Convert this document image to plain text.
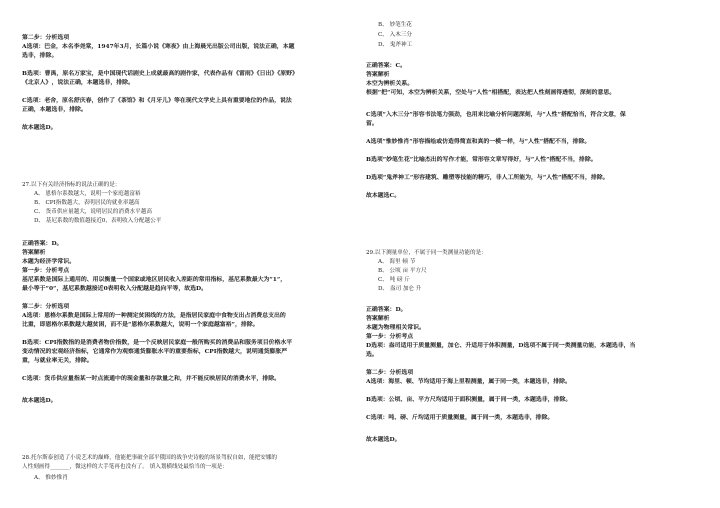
第二步：分析选项
A选项：巴金，本名李尧棠，1947年3月，长篇小说《寒夜》由上海晨光出版公司出版，说法正确，本题
选非，排除。
B选项：曹禺，原名万家宝，是中国现代话剧史上成就最高的剧作家，代表作品有《雷雨》《日出》《原野》
《北京人》，说法正确，本题选非，排除。
C选项：老舍，原名舒庆春，创作了《茶馆》和《月牙儿》等在现代文学史上具有重要地位的作品，说法
正确，本题选非，排除。
故本题选D。
27.以下有关经济指标的说法正确的是：
A、 恩格尔系数越大，说明一个家庭越富裕
B、 CPI指数越大，表明居民的就业率越高
C、 货币供应量越大，说明居民的消费水平越高
D、 基尼系数的数值越接近0，表明收入分配越公平
正确答案：D。
答案解析
本题为经济学常识。
第一步：分析考点
基尼系数是国际上通用的、用以衡量一个国家或地区居民收入差距的常用指标，基尼系数最大为“1”，
最小等于“0”，基尼系数越接近0表明收入分配越是趋向平等，故选D。
第二步：分析选项
A选项：恩格尔系数是国际上常用的一种测定贫困线的方法，是指居民家庭中食物支出占消费总支出的
比重，即恩格尔系数越大越贫困，而不是“恩格尔系数越大，说明一个家庭越富裕”，排除。
B选项：CPI指数指的是消费者物价指数，是一个反映居民家庭一般所购买的消费品和服务项目价格水平
变动情况的宏观经济指标，它通常作为观察通货膨胀水平的重要指标，CPI指数越大，说明通货膨胀严
重，与就业率无关，排除。
C选项：货币供应量指某一时点流通中的现金量和存款量之和，并不能反映居民的消费水平，排除。
故本题选D。
28.托尔斯泰创造了小说艺术的巅峰，他能把事破全部平俄国的战争史诗般的场景驾驭自如，能把安娜的
人性刻画得_______，微这样的大手笔再也没有了。 填入划横线处最恰当的一项是：
A、 惟妙惟肖
B、 妙笔生花
C、 入木三分
D、 鬼斧神工
正确答案：C。
答案解析
本空为辨析关系。
根据“把”可知，本空为辨析关系，空处与“人性”相搭配，表达把人性刻画得透彻，深刻的意思。
C选项“入木三分”形容书法笔力强劲，也用来比喻分析问题深刻，与“人性”搭配恰当，符合文意，保
留。
A选项“惟妙惟肖”形容描绘或仿造得简直和真的一模一样，与“人性”搭配不当，排除。
B选项“妙笔生花”比喻杰出的写作才能，常形容文章写得好，与“人性”搭配不当，排除。
D选项“鬼斧神工”形容建筑、雕塑等技能的精巧，非人工所能为，与“人性”搭配不当，排除。
故本题选C。
29.以下测量单位，不属于同一类测量功能的是：
A、 海里 顿 节
B、 公顷 亩 平方尺
C、 吨 磅 斤
D、 盎司 加仑 升
正确答案：D。
答案解析
本题为物理相关常识。
第一步：分析考点
D选项：盎司适用于质量测量，加仑、升适用于体积测量，D选项不属于同一类测量功能，本题选非，当
选。
第二步：分析选项
A选项：海里、顿、节均适用于海上里程测量，属于同一类，本题选非，排除。
B选项：公顷、亩、平方尺均适用于面积测量，属于同一类，本题选非，排除。
C选项：吨、磅、斤均适用于质量测量，属于同一类，本题选非，排除。
故本题选D。
